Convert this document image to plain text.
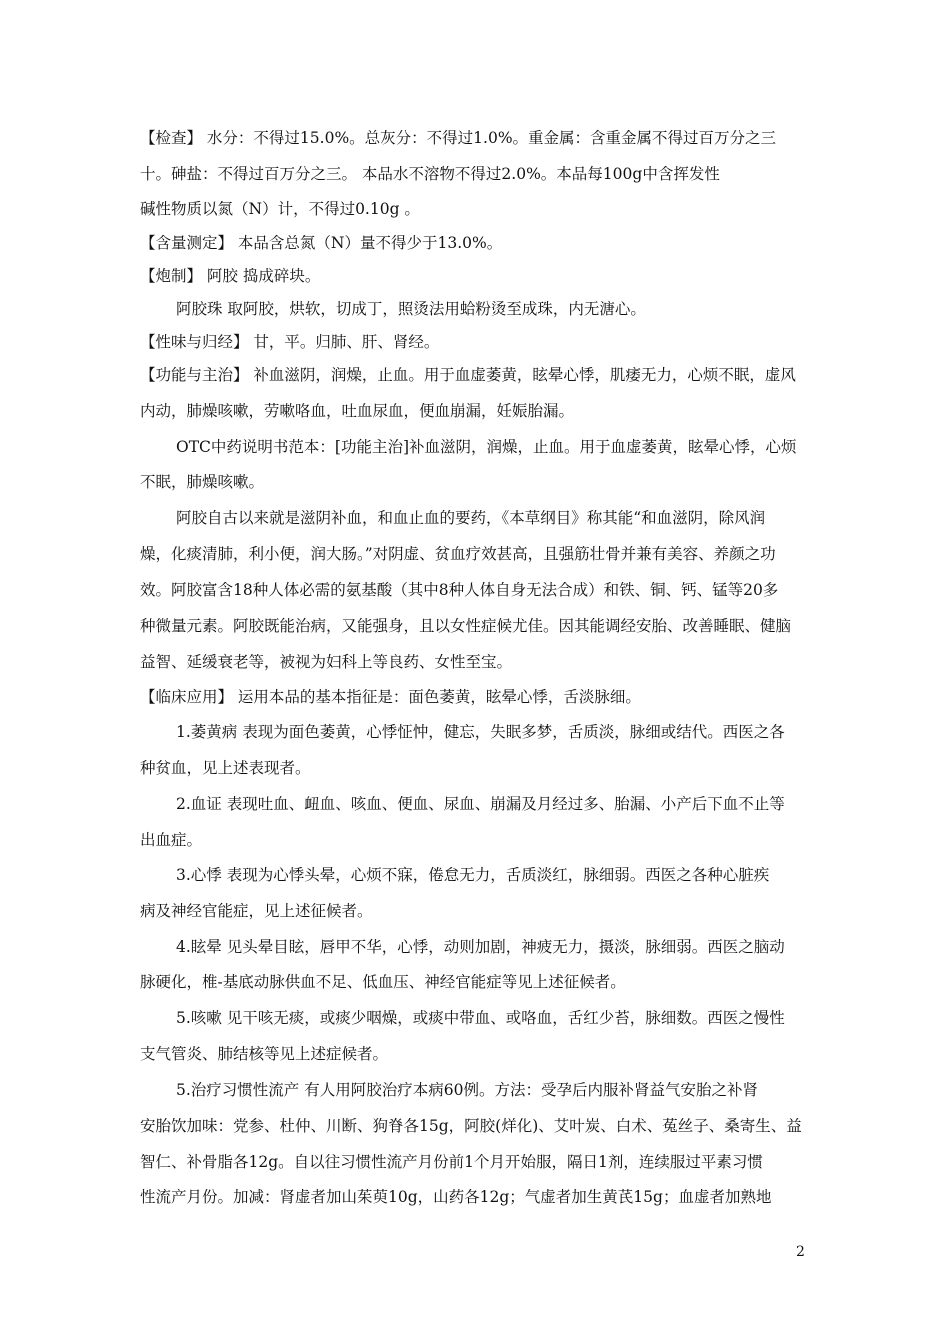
【检查】 水分：不得过15.0%。总灰分：不得过1.0%。重金属：含重金属不得过百万分之三
十。砷盐：不得过百万分之三。 本品水不溶物不得过2.0%。本品每100g中含挥发性
碱性物质以氮（N）计，不得过0.10g 。
【含量测定】 本品含总氮（N）量不得少于13.0%。
【炮制】 阿胶 捣成碎块。
阿胶珠 取阿胶，烘软，切成丁，照烫法用蛤粉烫至成珠，内无溏心。
【性味与归经】 甘，平。归肺、肝、肾经。
【功能与主治】 补血滋阴，润燥，止血。用于血虚萎黄，眩晕心悸，肌痿无力，心烦不眠，虚风
内动，肺燥咳嗽，劳嗽咯血，吐血尿血，便血崩漏，妊娠胎漏。
OTC中药说明书范本：[功能主治]补血滋阴，润燥，止血。用于血虚萎黄，眩晕心悸，心烦
不眠，肺燥咳嗽。
阿胶自古以来就是滋阴补血，和血止血的要药，《本草纲目》称其能“和血滋阴，除风润
燥，化痰清肺，利小便，润大肠。”对阴虚、贫血疗效甚高，且强筋壮骨并兼有美容、养颜之功
效。阿胶富含18种人体必需的氨基酸（其中8种人体自身无法合成）和铁、铜、钙、锰等20多
种微量元素。阿胶既能治病，又能强身，且以女性症候尤佳。因其能调经安胎、改善睡眠、健脑
益智、延缓衰老等，被视为妇科上等良药、女性至宝。
【临床应用】 运用本品的基本指征是：面色萎黄，眩晕心悸，舌淡脉细。
1.萎黄病 表现为面色萎黄，心悸怔忡，健忘，失眠多梦，舌质淡，脉细或结代。西医之各
种贫血，见上述表现者。
2.血证 表现吐血、衄血、咳血、便血、尿血、崩漏及月经过多、胎漏、小产后下血不止等
出血症。
3.心悸 表现为心悸头晕，心烦不寐，倦怠无力，舌质淡红，脉细弱。西医之各种心脏疾
病及神经官能症，见上述征候者。
4.眩晕 见头晕目眩，唇甲不华，心悸，动则加剧，神疲无力，摄淡，脉细弱。西医之脑动
脉硬化，椎-基底动脉供血不足、低血压、神经官能症等见上述征候者。
5.咳嗽 见干咳无痰，或痰少咽燥，或痰中带血、或咯血，舌红少苔，脉细数。西医之慢性
支气管炎、肺结核等见上述症候者。
5.治疗习惯性流产 有人用阿胶治疗本病60例。方法：受孕后内服补肾益气安胎之补肾
安胎饮加味：党参、杜仲、川断、狗脊各15g，阿胶(烊化)、艾叶炭、白术、菟丝子、桑寄生、益
智仁、补骨脂各12g。自以往习惯性流产月份前1个月开始服，隔日1剂，连续服过平素习惯
性流产月份。加减：肾虚者加山茱萸10g，山药各12g；气虚者加生黄芪15g；血虚者加熟地
2
